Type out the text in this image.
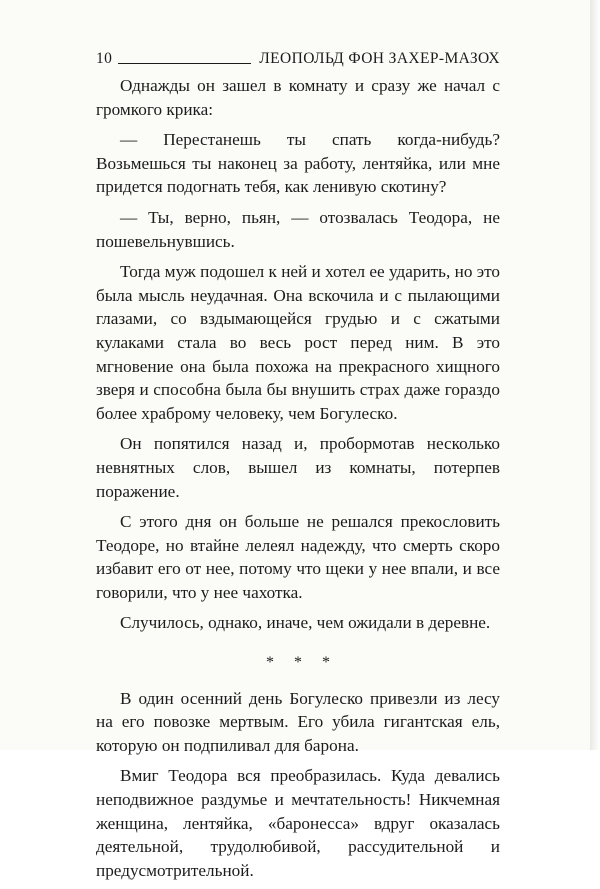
10	ЛЕОПОЛЬД ФОН ЗАХЕР-МАЗОХ

Однажды он зашел в комнату и сразу же начал с громкого крика:

— Перестанешь ты спать когда-нибудь? Возьмешься ты наконец за работу, лентяйка, или мне придется подогнать тебя, как ленивую скотину?

— Ты, верно, пьян, — отозвалась Теодора, не пошевельнувшись.

Тогда муж подошел к ней и хотел ее ударить, но это была мысль неудачная. Она вскочила и с пылающими глазами, со вздымающейся грудью и с сжатыми кулаками стала во весь рост перед ним. В это мгновение она была похожа на прекрасного хищного зверя и способна была бы внушить страх даже гораздо более храброму человеку, чем Богулеско.

Он попятился назад и, пробормотав несколько невнятных слов, вышел из комнаты, потерпев поражение.

С этого дня он больше не решался прекословить Теодоре, но втайне лелеял надежду, что смерть скоро избавит его от нее, потому что щеки у нее впали, и все говорили, что у нее чахотка.

Случилось, однако, иначе, чем ожидали в деревне.

* * *

В один осенний день Богулеско привезли из лесу на его повозке мертвым. Его убила гигантская ель, которую он подпиливал для барона.

Вмиг Теодора вся преобразилась. Куда девались неподвижное раздумье и мечтательность! Никчемная женщина, лентяйка, «баронесса» вдруг оказалась деятельной, трудолюбивой, рассудительной и предусмотрительной.
